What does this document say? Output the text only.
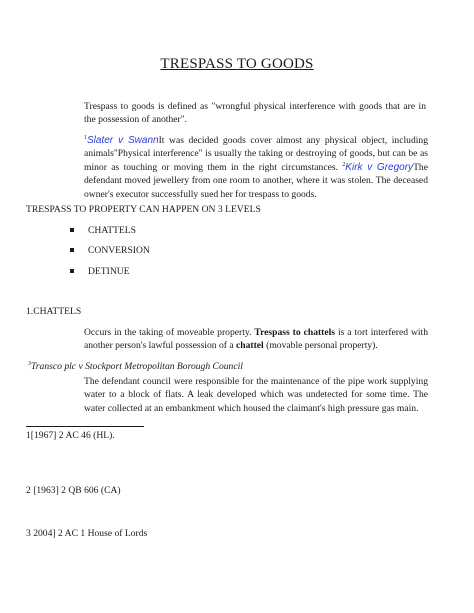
TRESPASS TO GOODS
Trespass to goods is defined as "wrongful physical interference with goods that are in the possession of another".
$^1$Slater v SwannIt was decided goods cover almost any physical object, including animals"Physical interference" is usually the taking or destroying of goods, but can be as minor as touching or moving them in the right circumstances. $^2$Kirk v GregoryThe defendant moved jewellery from one room to another, where it was stolen. The deceased owner's executor successfully sued her for trespass to goods.
TRESPASS TO PROPERTY CAN HAPPEN ON 3 LEVELS
CHATTELS
CONVERSION
DETINUE
1.CHATTELS
Occurs in the taking of moveable property. Trespass to chattels is a tort interfered with another person's lawful possession of a chattel (movable personal property).
$^3$Transco plc v Stockport Metropolitan Borough Council
The defendant council were responsible for the maintenance of the pipe work supplying water to a block of flats. A leak developed which was undetected for some time. The water collected at an embankment which housed the claimant's high pressure gas main.
1[1967] 2 AC 46 (HL).
2 [1963] 2 QB 606 (CA)
3 2004] 2 AC 1 House of Lords
